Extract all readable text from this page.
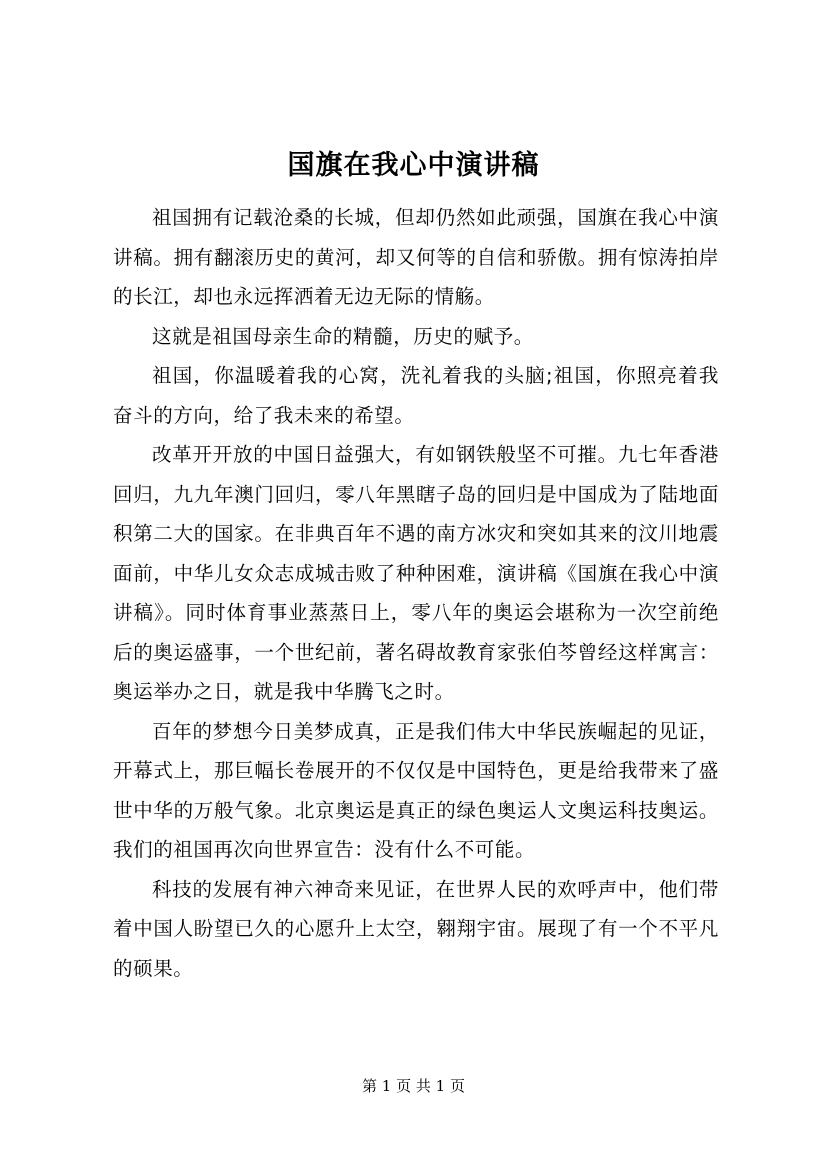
国旗在我心中演讲稿

祖国拥有记载沧桑的长城，但却仍然如此顽强，国旗在我心中演讲稿。拥有翻滚历史的黄河，却又何等的自信和骄傲。拥有惊涛拍岸的长江，却也永远挥洒着无边无际的情觞。

这就是祖国母亲生命的精髓，历史的赋予。

祖国，你温暖着我的心窝，洗礼着我的头脑;祖国，你照亮着我奋斗的方向，给了我未来的希望。

改革开开放的中国日益强大，有如钢铁般坚不可摧。九七年香港回归，九九年澳门回归，零八年黑瞎子岛的回归是中国成为了陆地面积第二大的国家。在非典百年不遇的南方冰灾和突如其来的汶川地震面前，中华儿女众志成城击败了种种困难，演讲稿《国旗在我心中演讲稿》。同时体育事业蒸蒸日上，零八年的奥运会堪称为一次空前绝后的奥运盛事，一个世纪前，著名碍故教育家张伯芩曾经这样寓言：奥运举办之日，就是我中华腾飞之时。

百年的梦想今日美梦成真，正是我们伟大中华民族崛起的见证，开幕式上，那巨幅长卷展开的不仅仅是中国特色，更是给我带来了盛世中华的万般气象。北京奥运是真正的绿色奥运人文奥运科技奥运。我们的祖国再次向世界宣告：没有什么不可能。

科技的发展有神六神奇来见证，在世界人民的欢呼声中，他们带着中国人盼望已久的心愿升上太空，翱翔宇宙。展现了有一个不平凡的硕果。

第 1 页 共 1 页
